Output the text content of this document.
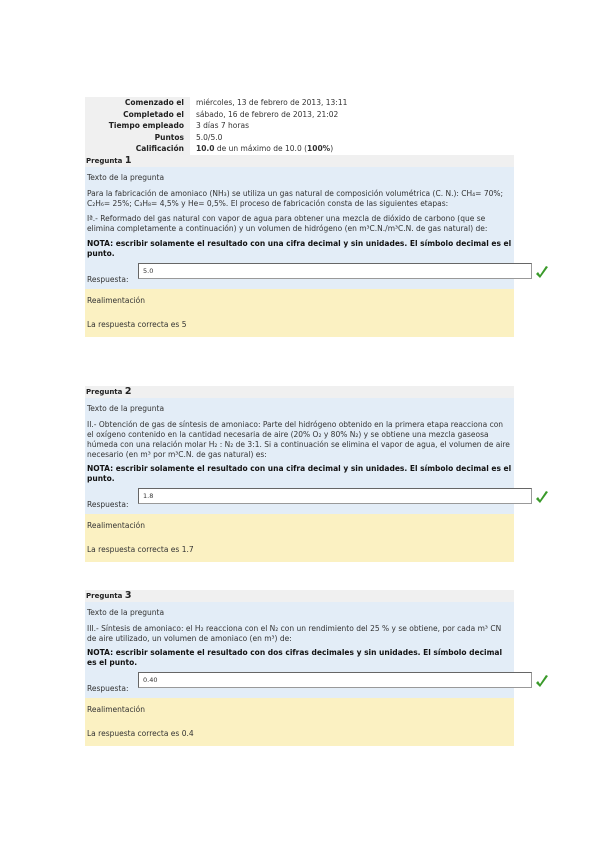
Comenzado el	miércoles, 13 de febrero de 2013, 13:11
Completado el	sábado, 16 de febrero de 2013, 21:02
Tiempo empleado	3 días 7 horas
Puntos	5.0/5.0
Calificación	10.0 de un máximo de 10.0 (100%)
Pregunta 1
Texto de la pregunta

Para la fabricación de amoniaco (NH₃) se utiliza un gas natural de composición volumétrica (C. N.): CH₄= 70%; C₂H₆= 25%; C₃H₈= 4,5% y He= 0,5%. El proceso de fabricación consta de las siguientes etapas:

Iª.- Reformado del gas natural con vapor de agua para obtener una mezcla de dióxido de carbono (que se elimina completamente a continuación) y un volumen de hidrógeno (en m³C.N./m³C.N. de gas natural) de:

NOTA: escribir solamente el resultado con una cifra decimal y sin unidades. El símbolo decimal es el punto.

Respuesta:
5.0
Realimentación
La respuesta correcta es 5
Pregunta 2
Texto de la pregunta

II.- Obtención de gas de síntesis de amoniaco: Parte del hidrógeno obtenido en la primera etapa reacciona con el oxígeno contenido en la cantidad necesaria de aire (20% O₂ y 80% N₂) y se obtiene una mezcla gaseosa húmeda con una relación molar H₂ : N₂ de 3:1. Si a continuación se elimina el vapor de agua, el volumen de aire necesario (en m³ por m³C.N. de gas natural) es:

NOTA: escribir solamente el resultado con una cifra decimal y sin unidades. El símbolo decimal es el punto.

Respuesta:
1.8
Realimentación
La respuesta correcta es 1.7
Pregunta 3
Texto de la pregunta

III.- Síntesis de amoniaco: el H₂ reacciona con el N₂ con un rendimiento del 25 % y se obtiene, por cada m³ CN de aire utilizado, un volumen de amoniaco (en m³) de:

NOTA: escribir solamente el resultado con dos cifras decimales y sin unidades. El símbolo decimal es el punto.

Respuesta:
0.40
Realimentación
La respuesta correcta es 0.4
